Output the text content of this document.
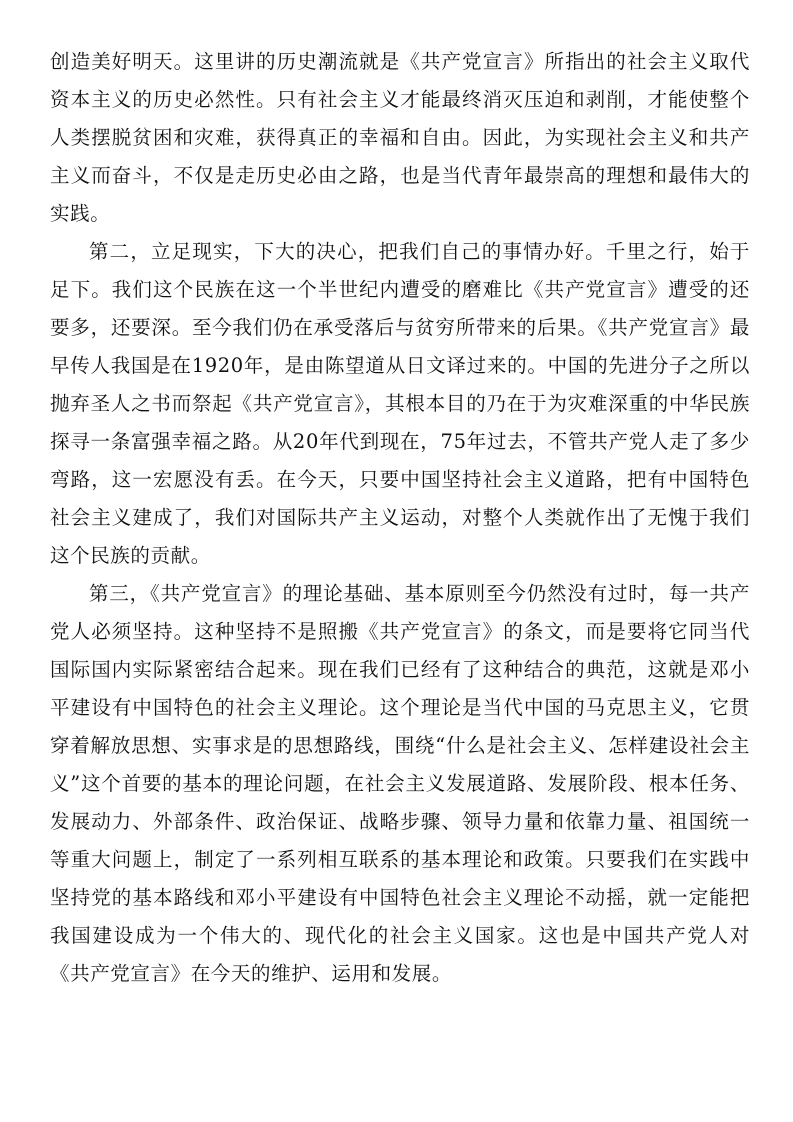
创造美好明天。这里讲的历史潮流就是《共产党宣言》所指出的社会主义取代资本主义的历史必然性。只有社会主义才能最终消灭压迫和剥削，才能使整个人类摆脱贫困和灾难，获得真正的幸福和自由。因此，为实现社会主义和共产主义而奋斗，不仅是走历史必由之路，也是当代青年最崇高的理想和最伟大的实践。

第二，立足现实，下大的决心，把我们自己的事情办好。千里之行，始于足下。我们这个民族在这一个半世纪内遭受的磨难比《共产党宣言》遭受的还要多，还要深。至今我们仍在承受落后与贫穷所带来的后果。《共产党宣言》最早传人我国是在1920年，是由陈望道从日文译过来的。中国的先进分子之所以抛弃圣人之书而祭起《共产党宣言》，其根本目的乃在于为灾难深重的中华民族探寻一条富强幸福之路。从20年代到现在，75年过去，不管共产党人走了多少弯路，这一宏愿没有丢。在今天，只要中国坚持社会主义道路，把有中国特色社会主义建成了，我们对国际共产主义运动，对整个人类就作出了无愧于我们这个民族的贡献。

第三，《共产党宣言》的理论基础、基本原则至今仍然没有过时，每一共产党人必须坚持。这种坚持不是照搬《共产党宣言》的条文，而是要将它同当代国际国内实际紧密结合起来。现在我们已经有了这种结合的典范，这就是邓小平建设有中国特色的社会主义理论。这个理论是当代中国的马克思主义，它贯穿着解放思想、实事求是的思想路线，围绕“什么是社会主义、怎样建设社会主义”这个首要的基本的理论问题，在社会主义发展道路、发展阶段、根本任务、发展动力、外部条件、政治保证、战略步骤、领导力量和依靠力量、祖国统一等重大问题上，制定了一系列相互联系的基本理论和政策。只要我们在实践中坚持党的基本路线和邓小平建设有中国特色社会主义理论不动摇，就一定能把我国建设成为一个伟大的、现代化的社会主义国家。这也是中国共产党人对《共产党宣言》在今天的维护、运用和发展。
